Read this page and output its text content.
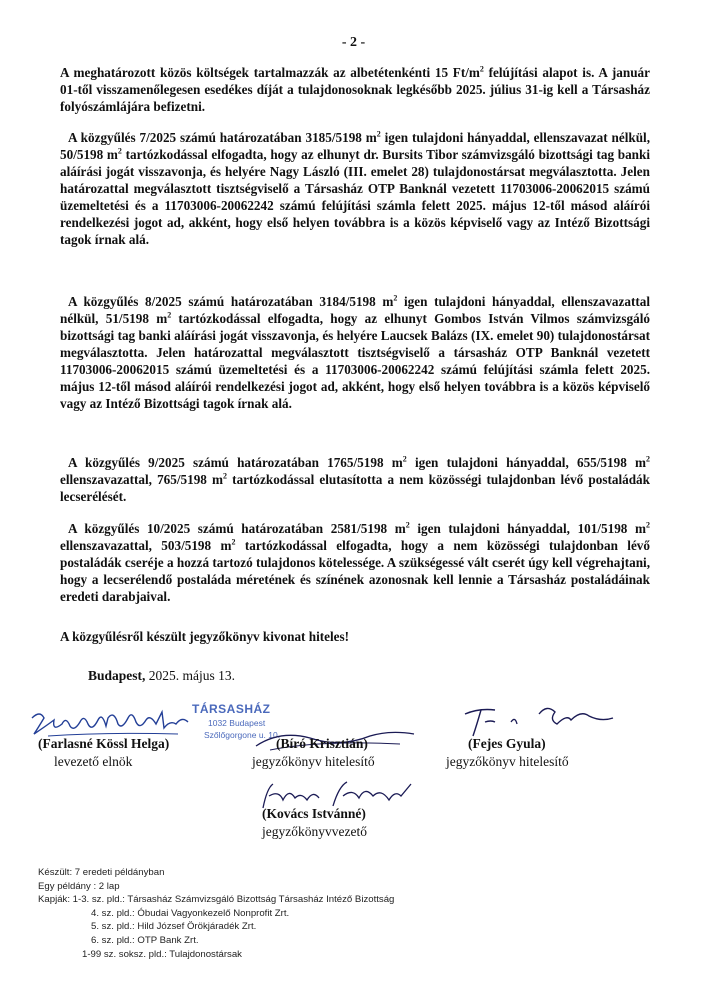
- 2 -

A meghatározott közös költségek tartalmazzák az albetétenkénti 15 $Ft/m^2$ felújítási alapot is. A január 01-től visszamenőlegesen esedékes díját a tulajdonosoknak legkésőbb 2025. július 31-ig kell a Társasház folyószámlájára befizetni.

A közgyűlés 7/2025 számú határozatában 3185/5198 $m^2$ igen tulajdoni hányaddal, ellenszavazat nélkül, 50/5198 $m^2$ tartózkodással elfogadta, hogy az elhunyt dr. Bursits Tibor számvizsgáló bizottsági tag banki aláírási jogát visszavonja, és helyére Nagy László (III. emelet 28) tulajdonostársat megválasztotta. Jelen határozattal megválasztott tisztségviselő a Társasház OTP Banknál vezetett 11703006-20062015 számú üzemeltetési és a 11703006-20062242 számú felújítási számla felett 2025. május 12-től másod aláírói rendelkezési jogot ad, akként, hogy első helyen továbbra is a közös képviselő vagy az Intéző Bizottsági tagok írnak alá.

A közgyűlés 8/2025 számú határozatában 3184/5198 $m^2$ igen tulajdoni hányaddal, ellenszavazattal nélkül, 51/5198 $m^2$ tartózkodással elfogadta, hogy az elhunyt Gombos István Vilmos számvizsgáló bizottsági tag banki aláírási jogát visszavonja, és helyére Laucsek Balázs (IX. emelet 90) tulajdonostársat megválasztotta. Jelen határozattal megválasztott tisztségviselő a társasház OTP Banknál vezetett 11703006-20062015 számú üzemeltetési és a 11703006-20062242 számú felújítási számla felett 2025. május 12-től másod aláírói rendelkezési jogot ad, akként, hogy első helyen továbbra is a közös képviselő vagy az Intéző Bizottsági tagok írnak alá.

A közgyűlés 9/2025 számú határozatában 1765/5198 $m^2$ igen tulajdoni hányaddal, 655/5198 $m^2$ ellenszavazattal, 765/5198 $m^2$ tartózkodással elutasította a nem közösségi tulajdonban lévő postaládák lecserélését.

A közgyűlés 10/2025 számú határozatában 2581/5198 $m^2$ igen tulajdoni hányaddal, 101/5198 $m^2$ ellenszavazattal, 503/5198 $m^2$ tartózkodással elfogadta, hogy a nem közösségi tulajdonban lévő postaládák cseréje a hozzá tartozó tulajdonos kötelessége. A szükségessé vált cserét úgy kell végrehajtani, hogy a lecserélendő postaláda méretének és színének azonosnak kell lennie a Társasház postaládáinak eredeti darabjaival.

A közgyűlésről készült jegyzőkönyv kivonat hiteles!

Budapest, 2025. május 13.
TÁRSASHÁZ
1032 Budapest
Szőlőgorgone u. 10.
(Farlasné Kössl Helga)
levezető elnök
(Bíró Krisztián)
jegyzőkönyv hitelesítő
(Fejes Gyula)
jegyzőkönyv hitelesítő
(Kovács Istvánné)
jegyzőkönyvvezető
Készült: 7 eredeti példányban
Egy példány : 2 lap
Kapják: 1-3. sz. pld.: Társasház Számvizsgáló Bizottság Társasház Intéző Bizottság
4. sz. pld.: Óbudai Vagyonkezelő Nonprofit Zrt.
5. sz. pld.: Hild József Örökjáradék Zrt.
6. sz. pld.: OTP Bank Zrt.
1-99 sz. soksz. pld.: Tulajdonostársak
